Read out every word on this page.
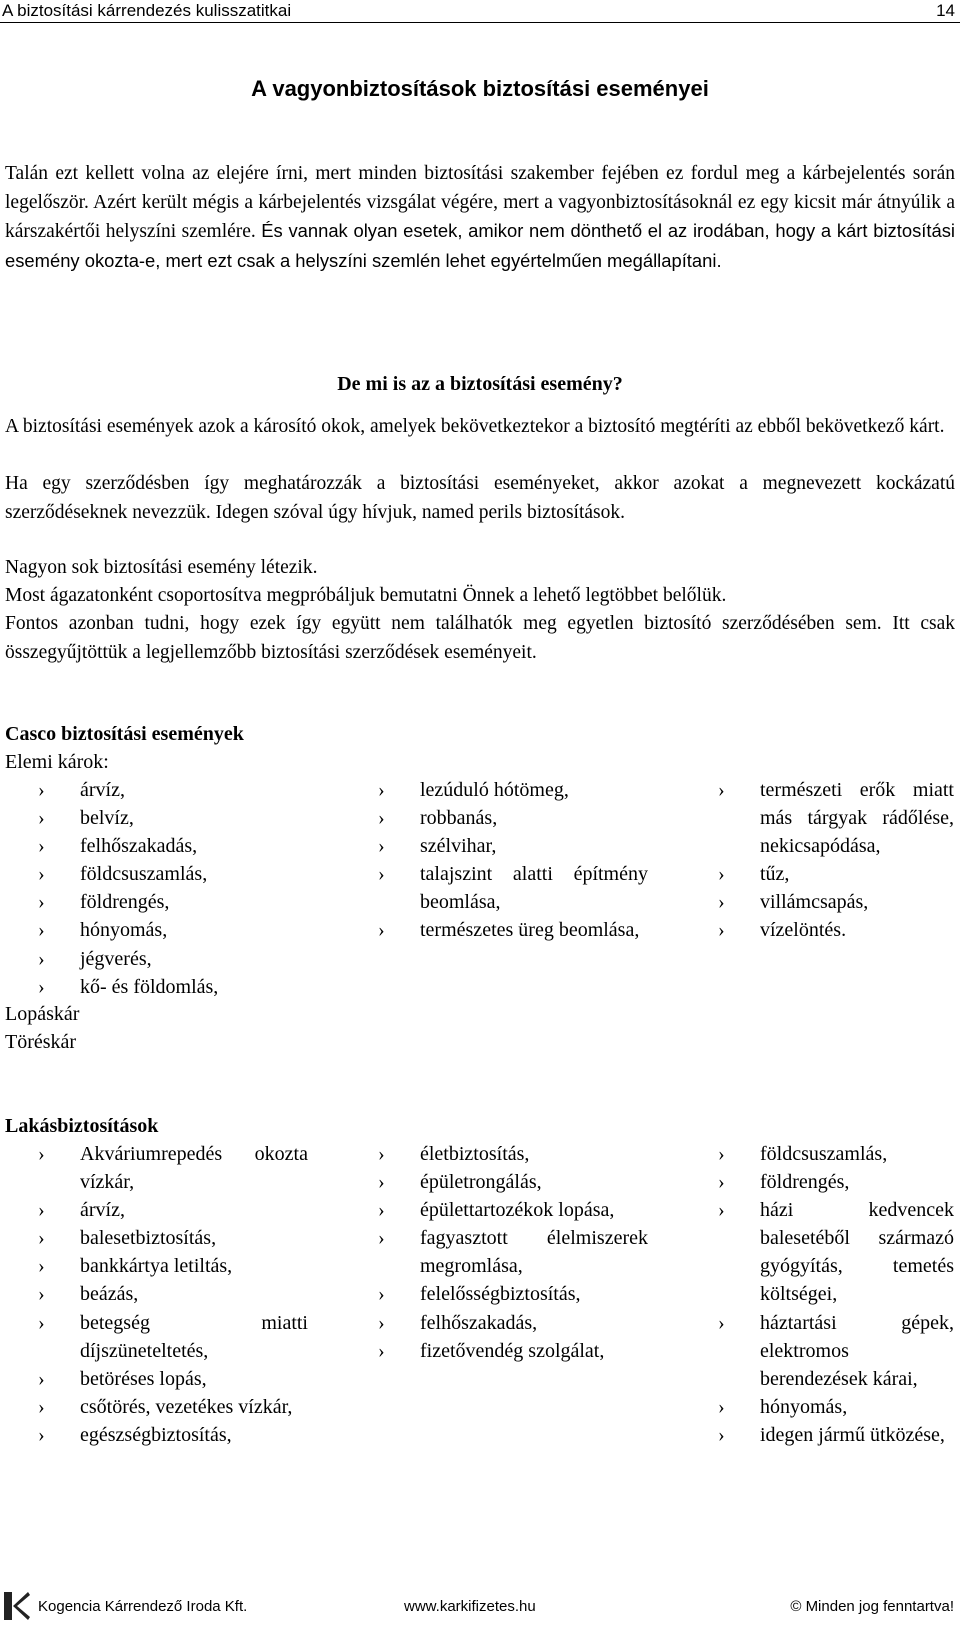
A biztosítási kárrendezés kulisszatitkai	14
A vagyonbiztosítások biztosítási eseményei

Talán ezt kellett volna az elejére írni, mert minden biztosítási szakember fejében ez fordul meg a kárbejelentés során legelőször. Azért került mégis a kárbejelentés vizsgálat végére, mert a vagyonbiztosításoknál ez egy kicsit már átnyúlik a kárszakértői helyszíni szemlére. És vannak olyan esetek, amikor nem dönthető el az irodában, hogy a kárt biztosítási esemény okozta-e, mert ezt csak a helyszíni szemlén lehet egyértelműen megállapítani.

De mi is az a biztosítási esemény?

A biztosítási események azok a károsító okok, amelyek bekövetkeztekor a biztosító megtéríti az ebből bekövetkező kárt.

Ha egy szerződésben így meghatározzák a biztosítási eseményeket, akkor azokat a megnevezett kockázatú szerződéseknek nevezzük. Idegen szóval úgy hívjuk, named perils biztosítások.

Nagyon sok biztosítási esemény létezik.

Most ágazatonként csoportosítva megpróbáljuk bemutatni Önnek a lehető legtöbbet belőlük.

Fontos azonban tudni, hogy ezek így együtt nem találhatók meg egyetlen biztosító szerződésében sem. Itt csak összegyűjtöttük a legjellemzőbb biztosítási szerződések eseményeit.

Casco biztosítási események
Elemi károk:
›	árvíz,
›	belvíz,
›	felhőszakadás,
›	földcsuszamlás,
›	földrengés,
›	hónyomás,
›	jégverés,
›	kő- és földomlás,
›	lezúduló hótömeg,
›	robbanás,
›	szélvihar,
›	talajszint alatti építmény beomlása,
›	természetes üreg beomlása,
›	természeti erők miatt más tárgyak rádőlése, nekicsapódása,
›	tűz,
›	villámcsapás,
›	vízelöntés.
Lopáskár
Töréskár
Lakásbiztosítások
›	Akváriumrepedés okozta vízkár,
›	árvíz,
›	balesetbiztosítás,
›	bankkártya letiltás,
›	beázás,
›	betegség miatti díjszüneteltetés,
›	betöréses lopás,
›	csőtörés, vezetékes vízkár,
›	egészségbiztosítás,
›	életbiztosítás,
›	épületrongálás,
›	épülettartozékok lopása,
›	fagyasztott élelmiszerek megromlása,
›	felelősségbiztosítás,
›	felhőszakadás,
›	fizetővendég szolgálat,
›	földcsuszamlás,
›	földrengés,
›	házi kedvencek balesetéből származó gyógyítás, temetés költségei,
›	háztartási gépek, elektromos berendezések kárai,
›	hónyomás,
›	idegen jármű ütközése,
Kogencia Kárrendező Iroda Kft.	www.karkifizetes.hu	© Minden jog fenntartva!
